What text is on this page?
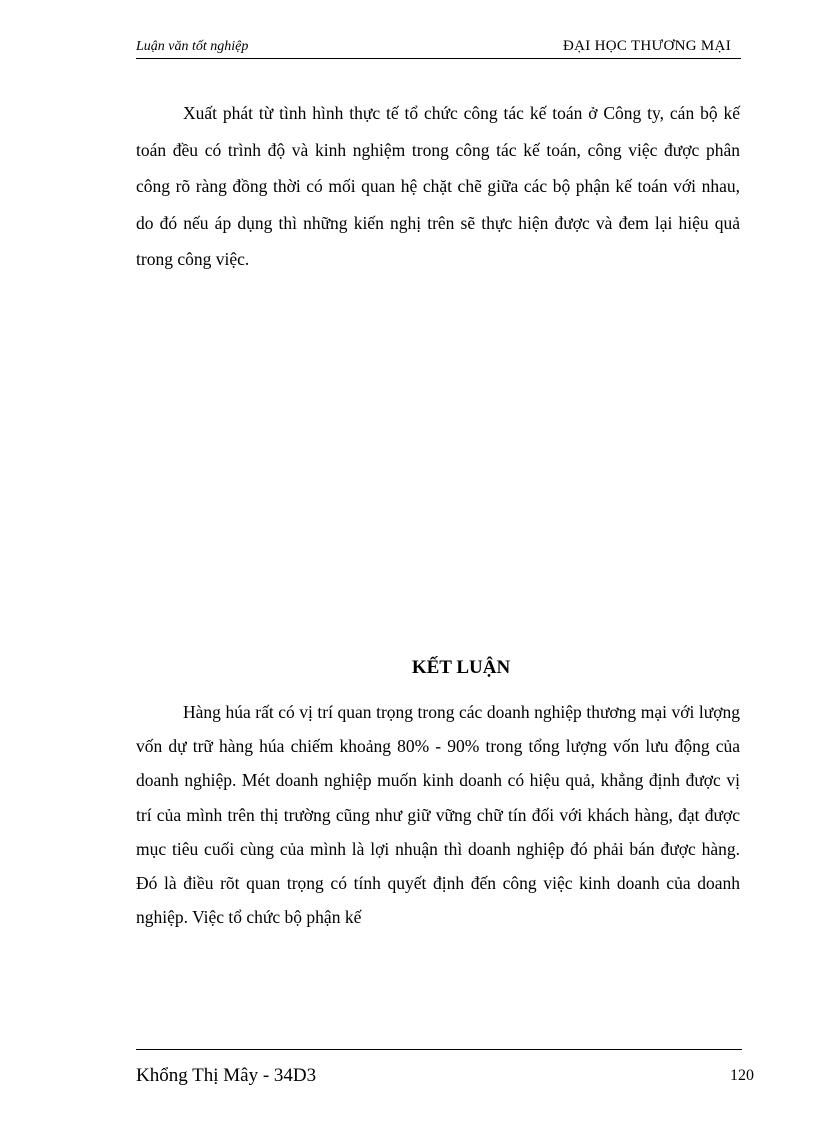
Luận văn tốt nghiệp	ĐẠI HỌC THƯƠNG MẠI

Xuất phát từ tình hình thực tế tổ chức công tác kế toán ở Công ty, cán bộ kế toán đều có trình độ và kinh nghiệm trong công tác kế toán, công việc được phân công rõ ràng đồng thời có mối quan hệ chặt chẽ giữa các bộ phận kế toán với nhau, do đó nếu áp dụng thì những kiến nghị trên sẽ thực hiện được và đem lại hiệu quả trong công việc.

KẾT LUẬN

Hàng húa rất có vị trí quan trọng trong các doanh nghiệp thương mại với lượng vốn dự trữ hàng húa chiếm khoảng 80% - 90% trong tổng lượng vốn lưu động của doanh nghiệp. Mét doanh nghiệp muốn kinh doanh có hiệu quả, khẳng định được vị trí của mình trên thị trường cũng như giữ vững chữ tín đối với khách hàng, đạt được mục tiêu cuối cùng của mình là lợi nhuận thì doanh nghiệp đó phải bán được hàng. Đó là điều rõt quan trọng có tính quyết định đến công việc kinh doanh của doanh nghiệp. Việc tổ chức bộ phận kế

Khổng Thị Mây - 34D3	120
